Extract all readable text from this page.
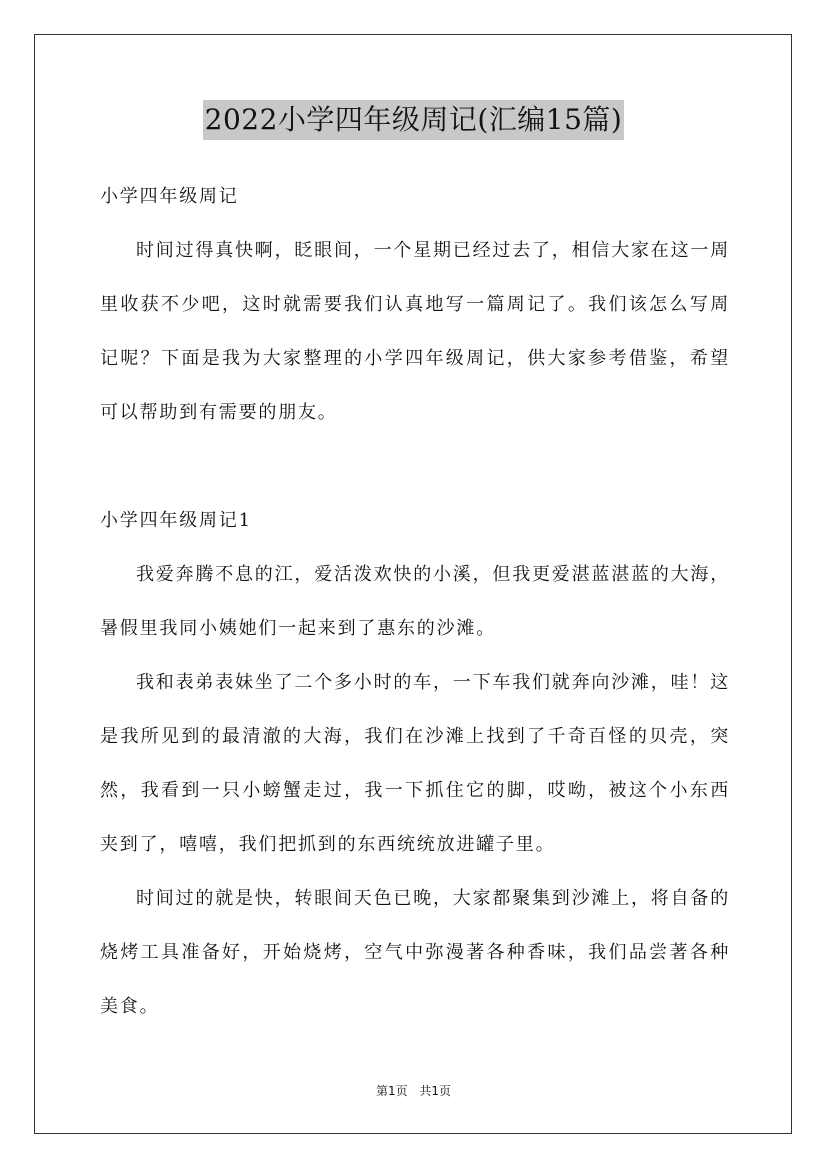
2022小学四年级周记(汇编15篇)

小学四年级周记

时间过得真快啊，眨眼间，一个星期已经过去了，相信大家在这一周里收获不少吧，这时就需要我们认真地写一篇周记了。我们该怎么写周记呢？下面是我为大家整理的小学四年级周记，供大家参考借鉴，希望可以帮助到有需要的朋友。

小学四年级周记1

我爱奔腾不息的江，爱活泼欢快的小溪，但我更爱湛蓝湛蓝的大海，暑假里我同小姨她们一起来到了惠东的沙滩。

我和表弟表妹坐了二个多小时的车，一下车我们就奔向沙滩，哇！这是我所见到的最清澈的大海，我们在沙滩上找到了千奇百怪的贝壳，突然，我看到一只小螃蟹走过，我一下抓住它的脚，哎呦，被这个小东西夹到了，嘻嘻，我们把抓到的东西统统放进罐子里。

时间过的就是快，转眼间天色已晚，大家都聚集到沙滩上，将自备的烧烤工具准备好，开始烧烤，空气中弥漫著各种香味，我们品尝著各种美食。

第1页 共1页
